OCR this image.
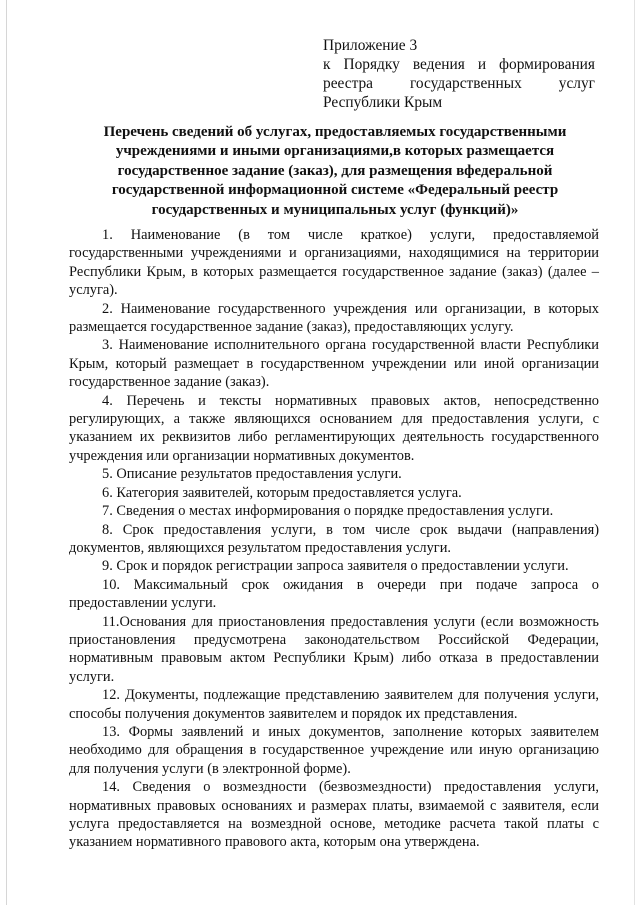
Приложение 3
к Порядку ведения и формирования
реестра государственных услуг
Республики Крым
Перечень сведений об услугах, предоставляемых государственными
учреждениями и иными организациями,в которых размещается
государственное задание (заказ), для размещения вфедеральной
государственной информационной системе «Федеральный реестр
государственных и муниципальных услуг (функций)»

1. Наименование (в том числе краткое) услуги, предоставляемой государственными учреждениями и организациями, находящимися на территории Республики Крым, в которых размещается государственное задание (заказ) (далее –услуга).

2. Наименование государственного учреждения или организации, в которых размещается государственное задание (заказ), предоставляющих услугу.

3. Наименование исполнительного органа государственной власти Республики Крым, который размещает в государственном учреждении или иной организации государственное задание (заказ).

4. Перечень и тексты нормативных правовых актов, непосредственно регулирующих, а также являющихся основанием для предоставления услуги, с указанием их реквизитов либо регламентирующих деятельность государственного учреждения или организации нормативных документов.

5. Описание результатов предоставления услуги.

6. Категория заявителей, которым предоставляется услуга.

7. Сведения о местах информирования о порядке предоставления услуги.

8. Срок предоставления услуги, в том числе срок выдачи (направления) документов, являющихся результатом предоставления услуги.

9. Срок и порядок регистрации запроса заявителя о предоставлении услуги.

10. Максимальный срок ожидания в очереди при подаче запроса о предоставлении услуги.

11.Основания для приостановления предоставления услуги (если возможность приостановления предусмотрена законодательством Российской Федерации, нормативным правовым актом Республики Крым) либо отказа в предоставлении услуги.

12. Документы, подлежащие представлению заявителем для получения услуги, способы получения документов заявителем и порядок их представления.

13. Формы заявлений и иных документов, заполнение которых заявителем необходимо для обращения в государственное учреждение или иную организацию для получения услуги (в электронной форме).

14. Сведения о возмездности (безвозмездности) предоставления услуги, нормативных правовых основаниях и размерах платы, взимаемой с заявителя, если услуга предоставляется на возмездной основе, методике расчета такой платы с указанием нормативного правового акта, которым она утверждена.
